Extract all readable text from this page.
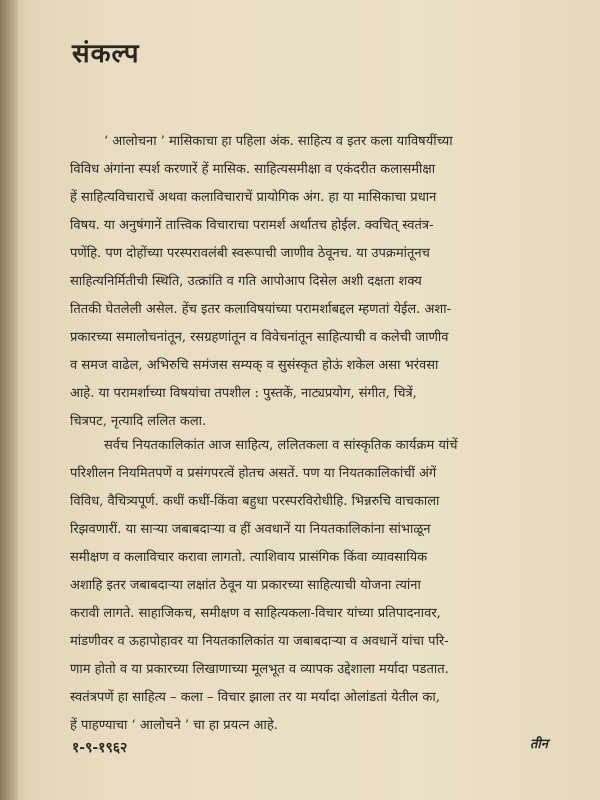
संकल्प

‘ आलोचना ’ मासिकाचा हा पहिला अंक. साहित्य व इतर कला याविषयींच्या
विविध अंगांना स्पर्श करणारें हें मासिक. साहित्यसमीक्षा व एकंदरीत कलासमीक्षा
हें साहित्यविचाराचें अथवा कलाविचाराचें प्रायोगिक अंग. हा या मासिकाचा प्रधान
विषय. या अनुषंगानें तात्त्विक विचाराचा परामर्श अर्थातच होईल. क्वचित् स्वतंत्र-
पणेंहि. पण दोहोंच्या परस्परावलंबी स्वरूपाची जाणीव ठेवूनच. या उपक्रमांतूनच
साहित्यनिर्मितीची स्थिति, उत्क्रांति व गति आपोआप दिसेल अशी दक्षता शक्य
तितकी घेतलेली असेल. हेंच इतर कलाविषयांच्या परामर्शाबद्दल म्हणतां येईल. अशा-
प्रकारच्या समालोचनांतून, रसग्रहणांतून व विवेचनांतून साहित्याची व कलेची जाणीव
व समज वाढेल, अभिरुचि समंजस सम्यक् व सुसंस्कृत होऊं शकेल असा भरंवसा
आहे. या परामर्शाच्या विषयांचा तपशील : पुस्तकें, नाट्यप्रयोग, संगीत, चित्रें,
चित्रपट, नृत्यादि ललित कला.

सर्वच नियतकालिकांत आज साहित्य, ललितकला व सांस्कृतिक कार्यक्रम यांचें
परिशीलन नियमितपणें व प्रसंगपरत्वें होतच असतें. पण या नियतकालिकांचीं अंगें
विविध, वैचित्र्यपूर्ण. कधीं कधीं-किंवा बहुधा परस्परविरोधीहि. भिन्नरुचि वाचकाला
रिझवणारीं. या साऱ्या जबाबदाऱ्या व हीं अवधानें या नियतकालिकांना सांभाळून
समीक्षण व कलाविचार करावा लागतो. त्याशिवाय प्रासंगिक किंवा व्यावसायिक
अशाहि इतर जबाबदाऱ्या लक्षांत ठेवून या प्रकारच्या साहित्याची योजना त्यांना
करावी लागते. साहाजिकच, समीक्षण व साहित्यकला-विचार यांच्या प्रतिपादनावर,
मांडणीवर व ऊहापोहावर या नियतकालिकांत या जबाबदाऱ्या व अवधानें यांचा परि-
णाम होतो व या प्रकारच्या लिखाणाच्या मूलभूत व व्यापक उद्देशाला मर्यादा पडतात.
स्वतंत्रपणें हा साहित्य – कला – विचार झाला तर या मर्यादा ओलांडतां येतील का,
हें पाहण्याचा ‘ आलोचने ’ चा हा प्रयत्न आहे.

१-९-१९६२	तीन
